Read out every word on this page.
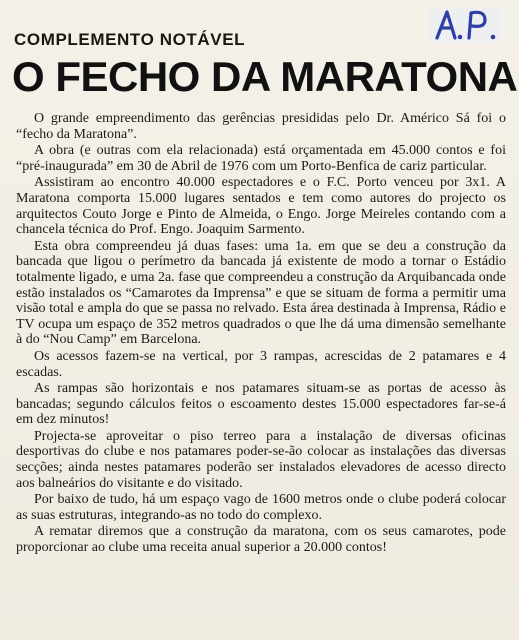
COMPLEMENTO NOTÁVEL
O FECHO DA MARATONA

O grande empreendimento das gerências presididas pelo Dr. Américo Sá foi o “fecho da Maratona”.

A obra (e outras com ela relacionada) está orçamentada em 45.000 contos e foi “pré-inaugurada” em 30 de Abril de 1976 com um Porto-Benfica de cariz particular.

Assistiram ao encontro 40.000 espectadores e o F.C. Porto venceu por 3x1. A Maratona comporta 15.000 lugares sentados e tem como autores do projecto os arquitectos Couto Jorge e Pinto de Almeida, o Engo. Jorge Meireles contando com a chancela técnica do Prof. Engo. Joaquim Sarmento.

Esta obra compreendeu já duas fases: uma 1a. em que se deu a construção da bancada que ligou o perímetro da bancada já existente de modo a tornar o Estádio totalmente ligado, e uma 2a. fase que compreendeu a construção da Arquibancada onde estão instalados os “Camarotes da Imprensa” e que se situam de forma a permitir uma visão total e ampla do que se passa no relvado. Esta área destinada à Imprensa, Rádio e TV ocupa um espaço de 352 metros quadrados o que lhe dá uma dimensão semelhante à do “Nou Camp” em Barcelona.

Os acessos fazem-se na vertical, por 3 rampas, acrescidas de 2 patamares e 4 escadas.

As rampas são horizontais e nos patamares situam-se as portas de acesso às bancadas; segundo cálculos feitos o escoamento destes 15.000 espectadores far-se-á em dez minutos!

Projecta-se aproveitar o piso terreo para a instalação de diversas oficinas desportivas do clube e nos patamares poder-se-ão colocar as instalações das diversas secções; ainda nestes patamares poderão ser instalados elevadores de acesso directo aos balneários do visitante e do visitado.

Por baixo de tudo, há um espaço vago de 1600 metros onde o clube poderá colocar as suas estruturas, integrando-as no todo do complexo.

A rematar diremos que a construção da maratona, com os seus camarotes, pode proporcionar ao clube uma receita anual superior a 20.000 contos!
